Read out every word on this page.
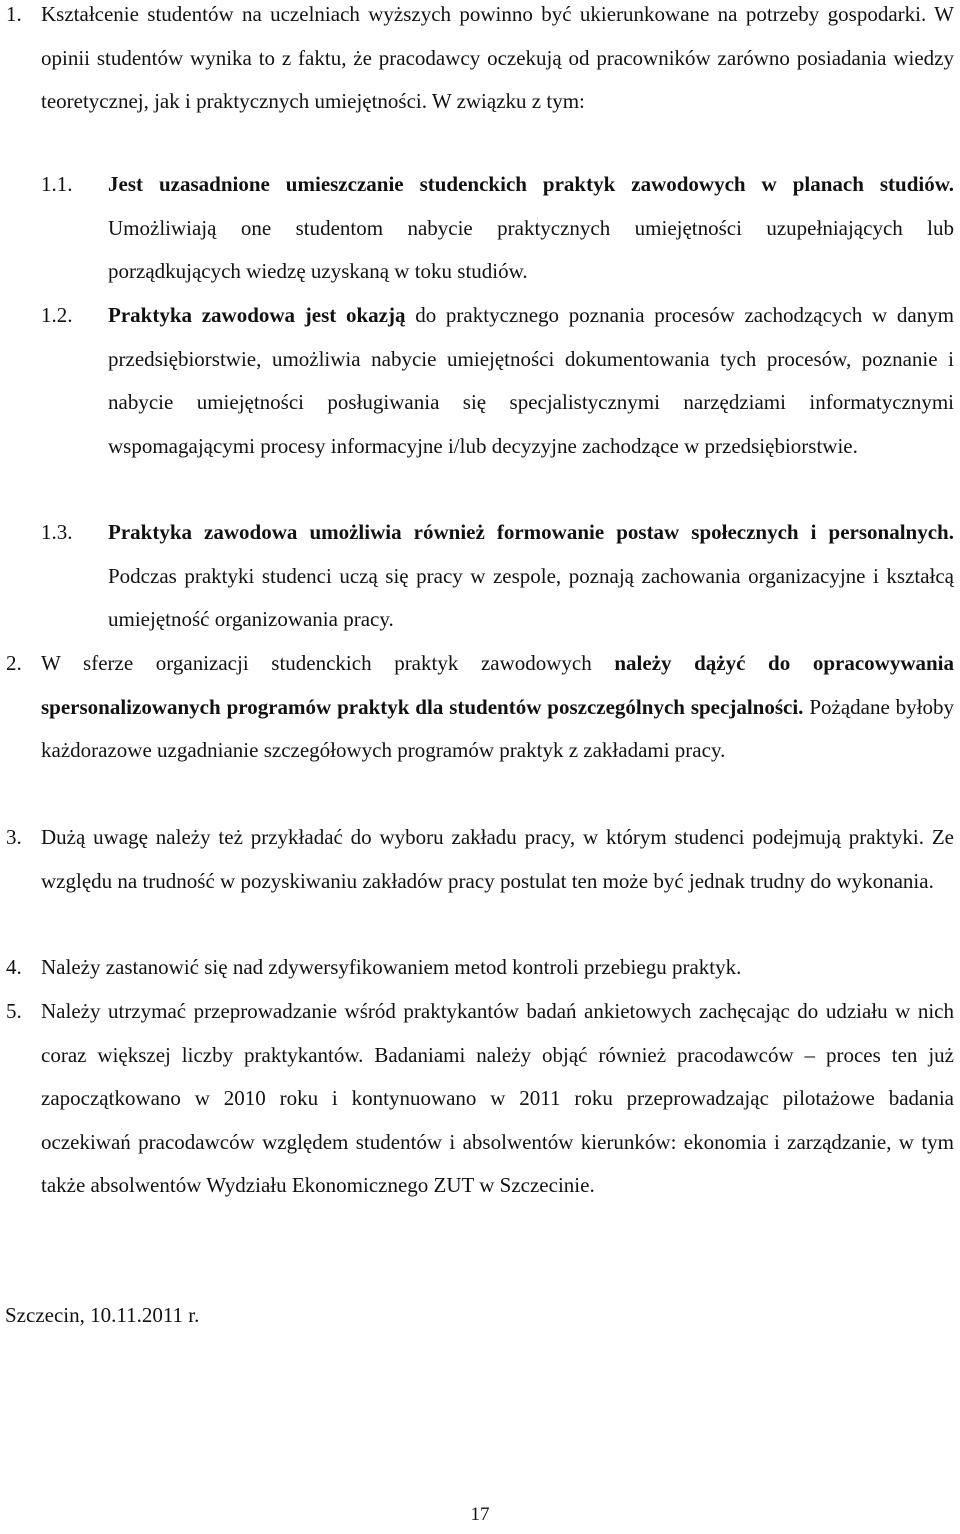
1. Kształcenie studentów na uczelniach wyższych powinno być ukierunkowane na potrzeby gospodarki. W opinii studentów wynika to z faktu, że pracodawcy oczekują od pracowników zarówno posiadania wiedzy teoretycznej, jak i praktycznych umiejętności. W związku z tym:
1.1. Jest uzasadnione umieszczanie studenckich praktyk zawodowych w planach studiów. Umożliwiają one studentom nabycie praktycznych umiejętności uzupełniających lub porządkujących wiedzę uzyskaną w toku studiów.
1.2. Praktyka zawodowa jest okazją do praktycznego poznania procesów zachodzących w danym przedsiębiorstwie, umożliwia nabycie umiejętności dokumentowania tych procesów, poznanie i nabycie umiejętności posługiwania się specjalistycznymi narzędziami informatycznymi wspomagającymi procesy informacyjne i/lub decyzyjne zachodzące w przedsiębiorstwie.
1.3. Praktyka zawodowa umożliwia również formowanie postaw społecznych i personalnych. Podczas praktyki studenci uczą się pracy w zespole, poznają zachowania organizacyjne i kształcą umiejętność organizowania pracy.
2. W sferze organizacji studenckich praktyk zawodowych należy dążyć do opracowywania spersonalizowanych programów praktyk dla studentów poszczególnych specjalności. Pożądane byłoby każdorazowe uzgadnianie szczegółowych programów praktyk z zakładami pracy.
3. Dużą uwagę należy też przykładać do wyboru zakładu pracy, w którym studenci podejmują praktyki. Ze względu na trudność w pozyskiwaniu zakładów pracy postulat ten może być jednak trudny do wykonania.
4. Należy zastanowić się nad zdywersyfikowaniem metod kontroli przebiegu praktyk.
5. Należy utrzymać przeprowadzanie wśród praktykantów badań ankietowych zachęcając do udziału w nich coraz większej liczby praktykantów. Badaniami należy objąć również pracodawców – proces ten już zapoczątkowano w 2010 roku i kontynuowano w 2011 roku przeprowadzając pilotażowe badania oczekiwań pracodawców względem studentów i absolwentów kierunków: ekonomia i zarządzanie, w tym także absolwentów Wydziału Ekonomicznego ZUT w Szczecinie.
Szczecin, 10.11.2011 r.
17
